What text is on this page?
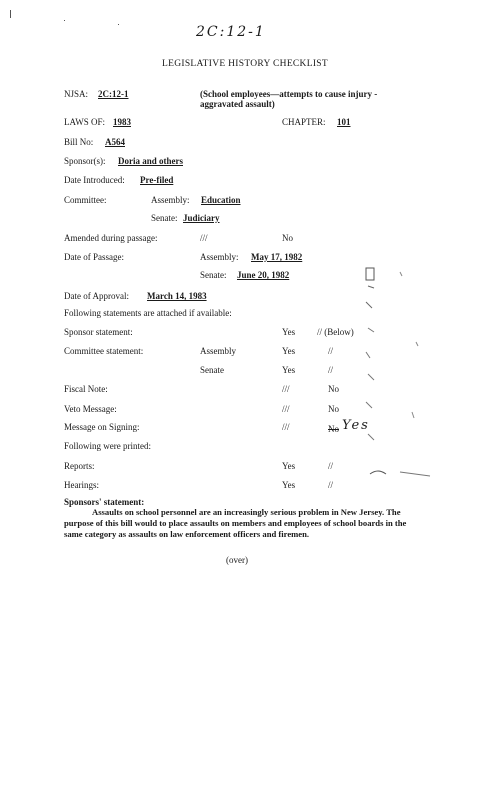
2C:12-1
LEGISLATIVE HISTORY CHECKLIST
NJSA: 2C:12-1	(School employees—attempts to cause injury - aggravated assault)
LAWS OF: 1983	CHAPTER: 101
Bill No: A564
Sponsor(s): Doria and others
Date Introduced: Pre-filed
Committee:	Assembly: Education
Senate: Judiciary
Amended during passage:	///	No
Date of Passage:	Assembly: May 17, 1982
Senate: June 20, 1982
Date of Approval: March 14, 1983
Following statements are attached if available:
Sponsor statement:	Yes // (Below)
Committee statement:	Assembly	Yes	//
Senate	Yes	//
Fiscal Note:	///	No
Veto Message:	///	No
Message on Signing:	///	No Yes
Following were printed:
Reports:	Yes	//
Hearings:	Yes	//
Sponsors' statement:
Assaults on school personnel are an increasingly serious problem in New Jersey. The purpose of this bill would to place assaults on members and employees of school boards in the same category as assaults on law enforcement officers and firemen.
(over)
